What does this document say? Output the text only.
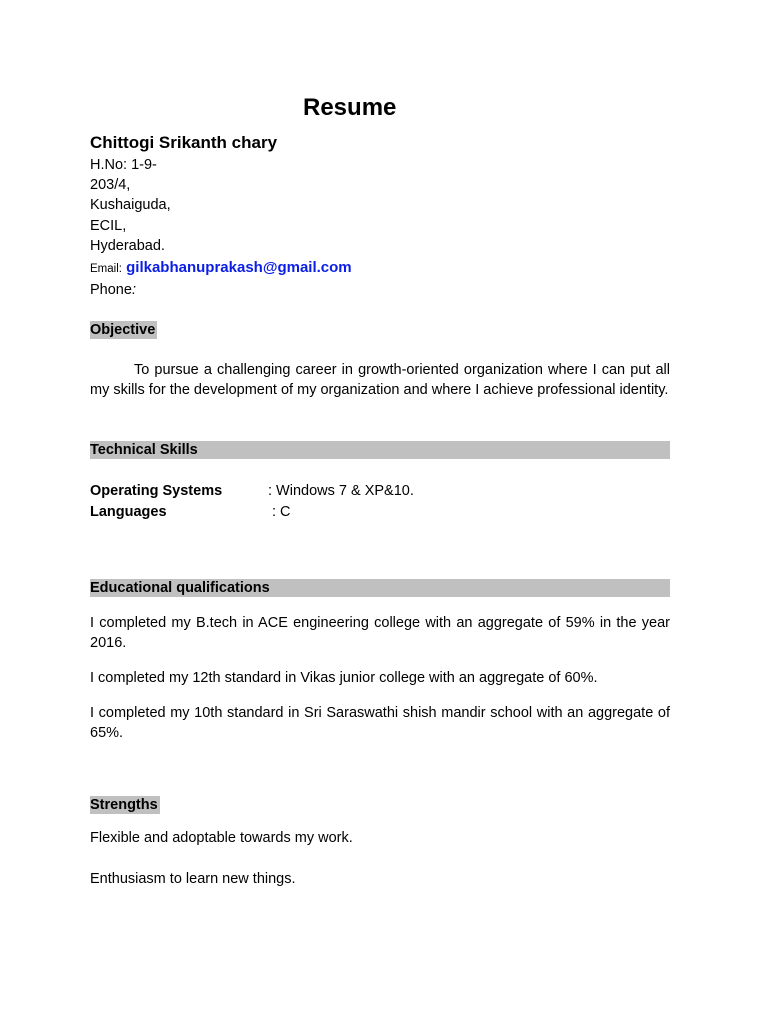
Resume
Chittogi Srikanth chary
H.No: 1-9-
203/4,
Kushaiguda,
ECIL,
Hyderabad.
Email: gilkabhanuprakash@gmail.com
Phone:
Objective
To pursue a challenging career in growth-oriented organization where I can put all my skills for the development of my organization and where I achieve professional identity.
Technical Skills
Operating Systems	: Windows 7 & XP&10.
Languages	: C
Educational qualifications
I completed my B.tech in ACE engineering college with an aggregate of 59% in the year 2016.
I completed my 12th standard in Vikas junior college with an aggregate of 60%.
I completed my 10th standard in Sri Saraswathi shish mandir school with an aggregate of 65%.
Strengths
Flexible and adoptable towards my work.
Enthusiasm to learn new things.
